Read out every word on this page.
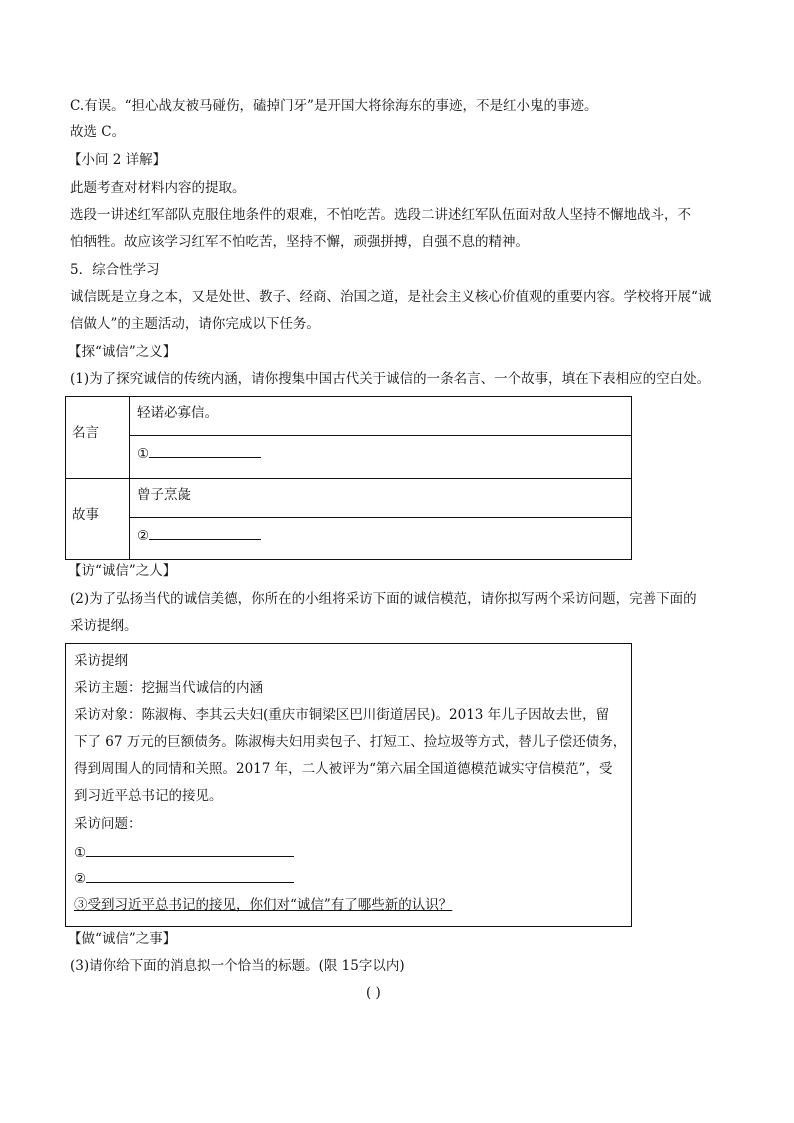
C.有误。“担心战友被马碰伤，磕掉门牙”是开国大将徐海东的事迹，不是红小鬼的事迹。
故选 C。
【小问 2 详解】
此题考查对材料内容的提取。
选段一讲述红军部队克服住地条件的艰难，不怕吃苦。选段二讲述红军队伍面对敌人坚持不懈地战斗，不
怕牺牲。故应该学习红军不怕吃苦，坚持不懈，顽强拼搏，自强不息的精神。
5．综合性学习
诚信既是立身之本，又是处世、教子、经商、治国之道，是社会主义核心价值观的重要内容。学校将开展“诚
信做人”的主题活动，请你完成以下任务。
【探“诚信”之义】
(1)为了探究诚信的传统内涵，请你搜集中国古代关于诚信的一条名言、一个故事，填在下表相应的空白处。
名言
轻诺必寡信。
①
故事
曾子烹彘
②
【访“诚信”之人】
(2)为了弘扬当代的诚信美德，你所在的小组将采访下面的诚信模范，请你拟写两个采访问题，完善下面的
采访提纲。
采访提纲
采访主题：挖掘当代诚信的内涵
采访对象：陈淑梅、李其云夫妇(重庆市铜梁区巴川街道居民)。2013 年儿子因故去世，留
下了 67 万元的巨额债务。陈淑梅夫妇用卖包子、打短工、捡垃圾等方式，替儿子偿还债务，
得到周围人的同情和关照。2017 年，二人被评为“第六届全国道德模范诚实守信模范”，受
到习近平总书记的接见。
采访问题：
①
②
③受到习近平总书记的接见，你们对“诚信”有了哪些新的认识？
【做“诚信”之事】
(3)请你给下面的消息拟一个恰当的标题。(限 15字以内)
( )
